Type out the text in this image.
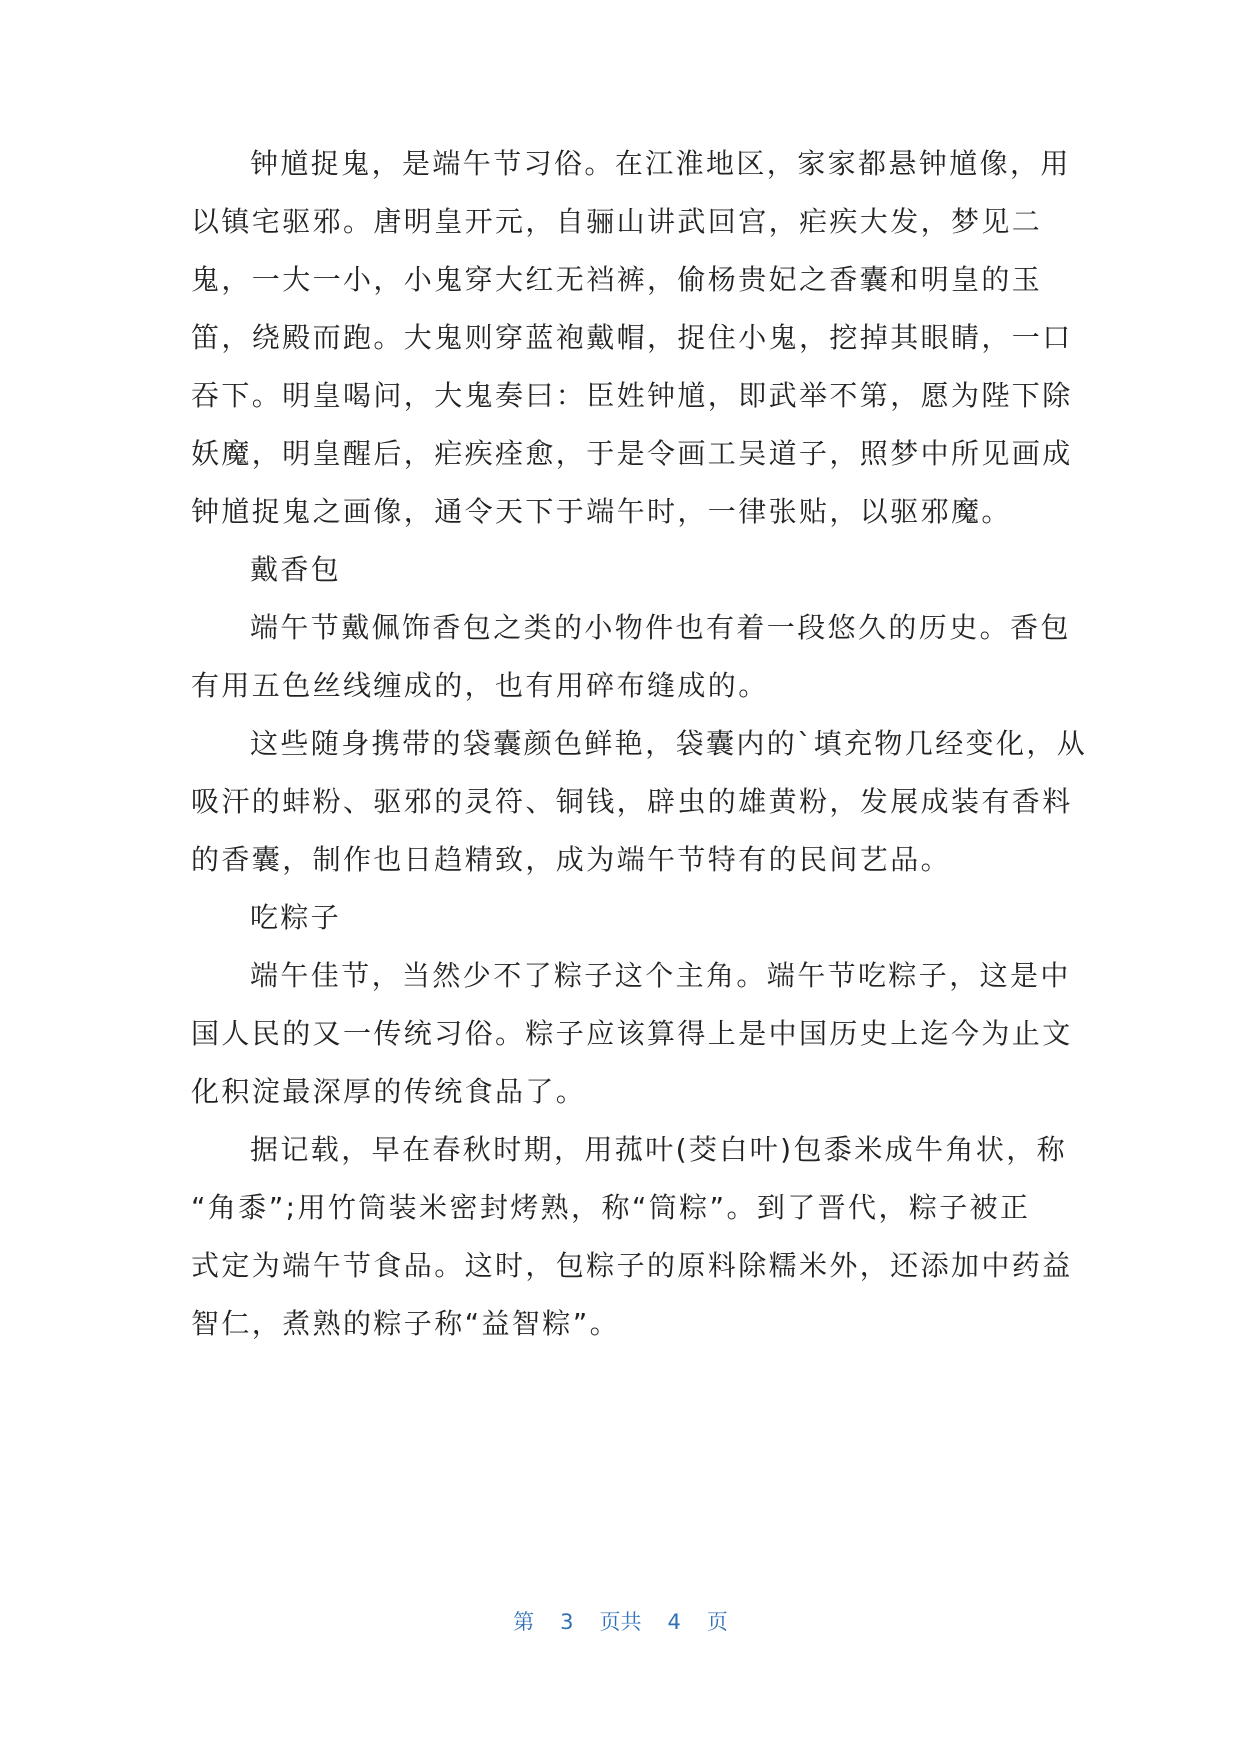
钟馗捉鬼，是端午节习俗。在江淮地区，家家都悬钟馗像，用
以镇宅驱邪。唐明皇开元，自骊山讲武回宫，疟疾大发，梦见二
鬼，一大一小，小鬼穿大红无裆裤，偷杨贵妃之香囊和明皇的玉
笛，绕殿而跑。大鬼则穿蓝袍戴帽，捉住小鬼，挖掉其眼睛，一口
吞下。明皇喝问，大鬼奏曰：臣姓钟馗，即武举不第，愿为陛下除
妖魔，明皇醒后，疟疾痊愈，于是令画工吴道子，照梦中所见画成
钟馗捉鬼之画像，通令天下于端午时，一律张贴，以驱邪魔。
戴香包
端午节戴佩饰香包之类的小物件也有着一段悠久的历史。香包
有用五色丝线缠成的，也有用碎布缝成的。
这些随身携带的袋囊颜色鲜艳，袋囊内的`填充物几经变化，从
吸汗的蚌粉、驱邪的灵符、铜钱，辟虫的雄黄粉，发展成装有香料
的香囊，制作也日趋精致，成为端午节特有的民间艺品。
吃粽子
端午佳节，当然少不了粽子这个主角。端午节吃粽子，这是中
国人民的又一传统习俗。粽子应该算得上是中国历史上迄今为止文
化积淀最深厚的传统食品了。
据记载，早在春秋时期，用菰叶(茭白叶)包黍米成牛角状，称
“角黍”;用竹筒装米密封烤熟，称“筒粽”。到了晋代，粽子被正
式定为端午节食品。这时，包粽子的原料除糯米外，还添加中药益
智仁，煮熟的粽子称“益智粽”。
第 3 页共 4 页
